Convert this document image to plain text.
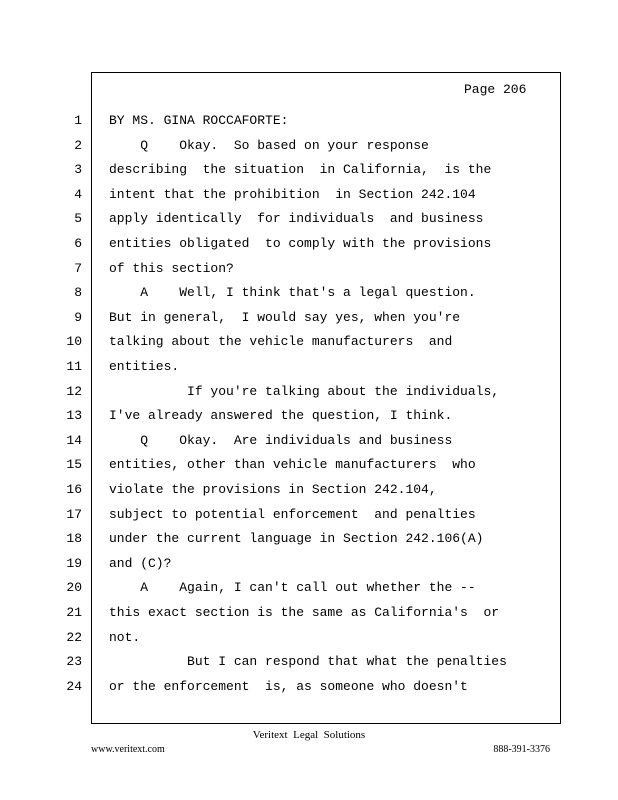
Page 206
1 BY MS. GINA ROCCAFORTE:
2 Q    Okay.  So based on your response
3 describing  the situation  in California,  is the
4 intent that the prohibition  in Section 242.104
5 apply identically  for individuals  and business
6 entities obligated  to comply with the provisions
7 of this section?
8 A    Well, I think that's a legal question.
9 But in general,  I would say yes, when you're
10 talking about the vehicle manufacturers  and
11 entities.
12 If you're talking about the individuals,
13 I've already answered the question, I think.
14 Q    Okay.  Are individuals and business
15 entities, other than vehicle manufacturers  who
16 violate the provisions in Section 242.104,
17 subject to potential enforcement  and penalties
18 under the current language in Section 242.106(A)
19 and (C)?
20 A    Again, I can't call out whether the --
21 this exact section is the same as California's  or
22 not.
23 But I can respond that what the penalties
24 or the enforcement  is, as someone who doesn't
Veritext  Legal  Solutions
www.veritext.com	888-391-3376
